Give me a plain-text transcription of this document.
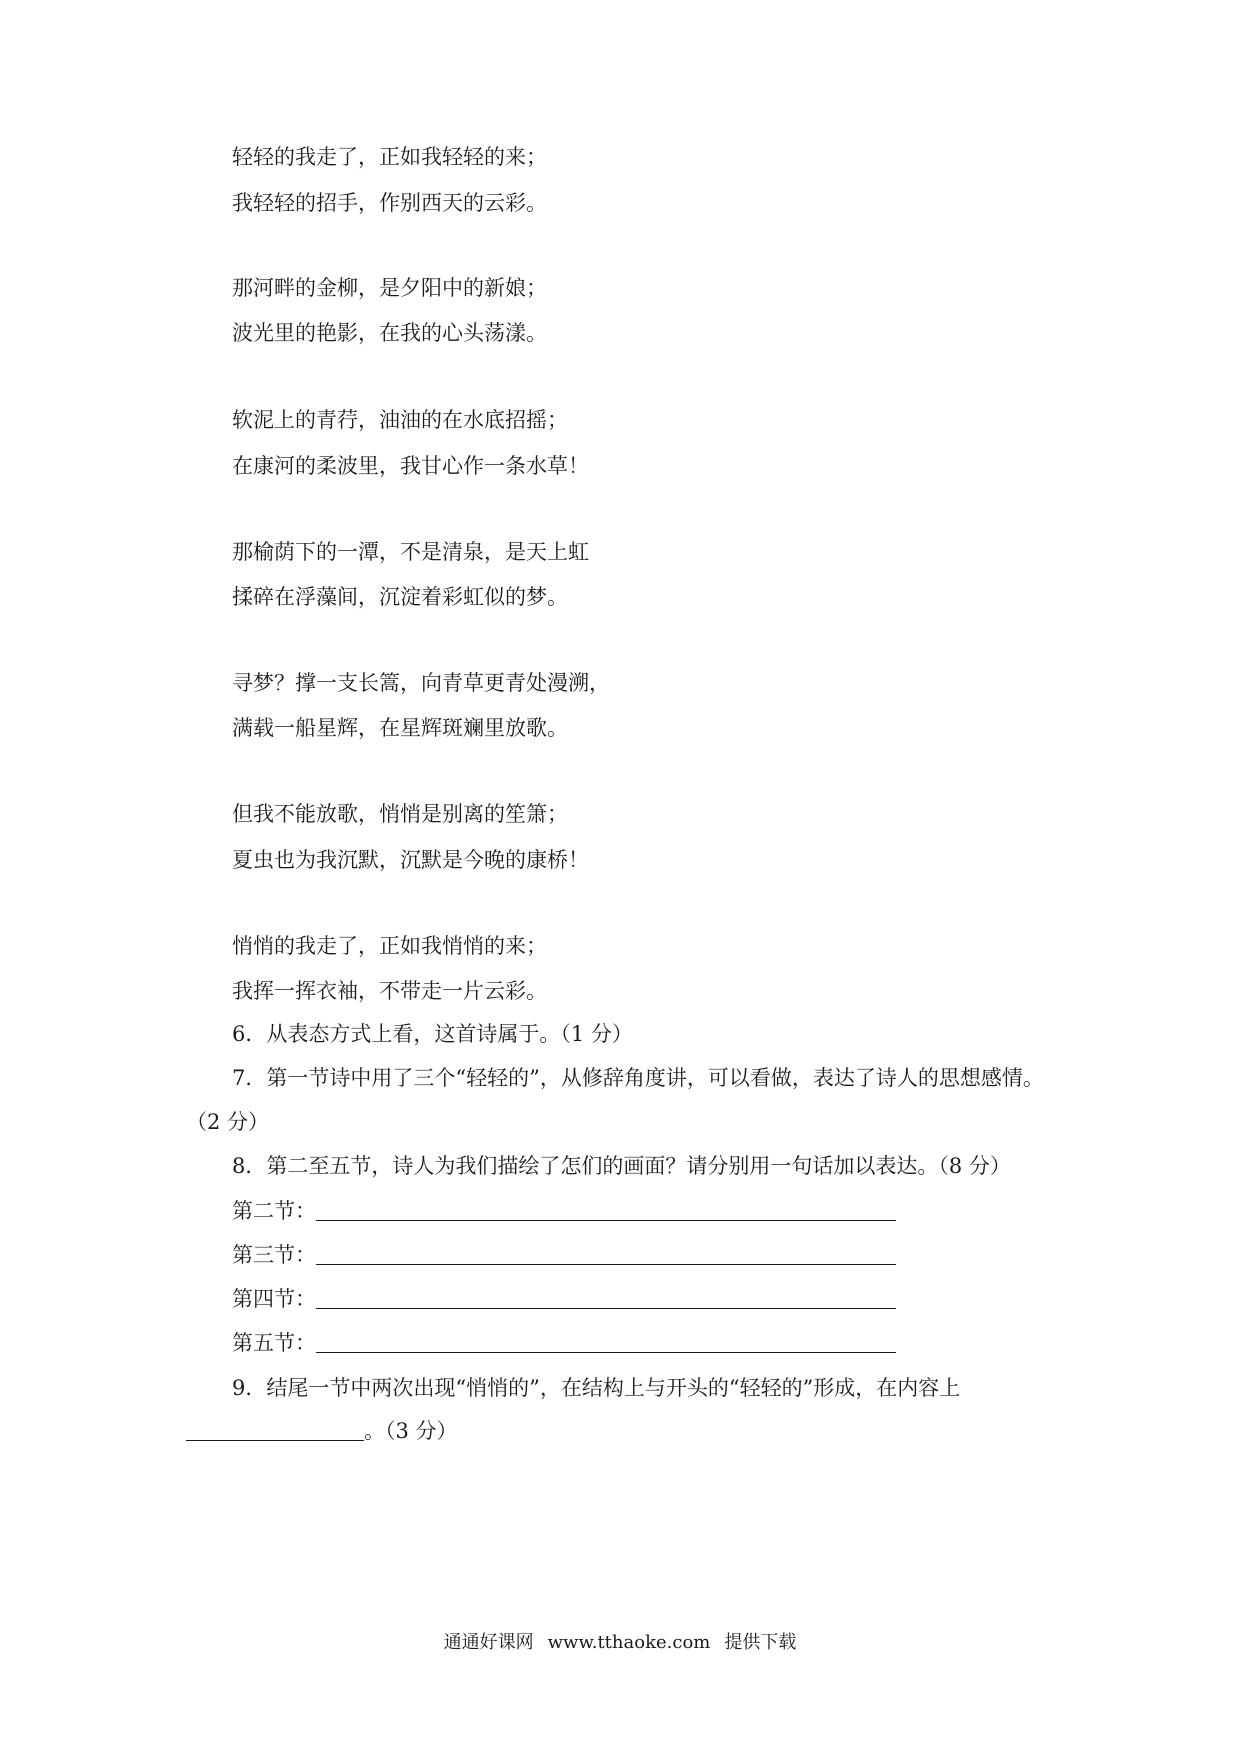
轻轻的我走了，正如我轻轻的来；
我轻轻的招手，作别西天的云彩。
那河畔的金柳，是夕阳中的新娘；
波光里的艳影，在我的心头荡漾。
软泥上的青荇，油油的在水底招摇；
在康河的柔波里，我甘心作一条水草！
那榆荫下的一潭，不是清泉，是天上虹
揉碎在浮藻间，沉淀着彩虹似的梦。
寻梦？撑一支长篙，向青草更青处漫溯，
满载一船星辉，在星辉斑斓里放歌。
但我不能放歌，悄悄是别离的笙箫；
夏虫也为我沉默，沉默是今晚的康桥！
悄悄的我走了，正如我悄悄的来；
我挥一挥衣袖，不带走一片云彩。
6．从表态方式上看，这首诗属于。（1 分）
7．第一节诗中用了三个“轻轻的”，从修辞角度讲，可以看做，表达了诗人的思想感情。
（2 分）
8．第二至五节，诗人为我们描绘了怎们的画面？请分别用一句话加以表达。（8 分）
第二节：
第三节：
第四节：
第五节：
9．结尾一节中两次出现“悄悄的”，在结构上与开头的“轻轻的”形成，在内容上
。（3 分）
通通好课网 www.tthaoke.com 提供下载
